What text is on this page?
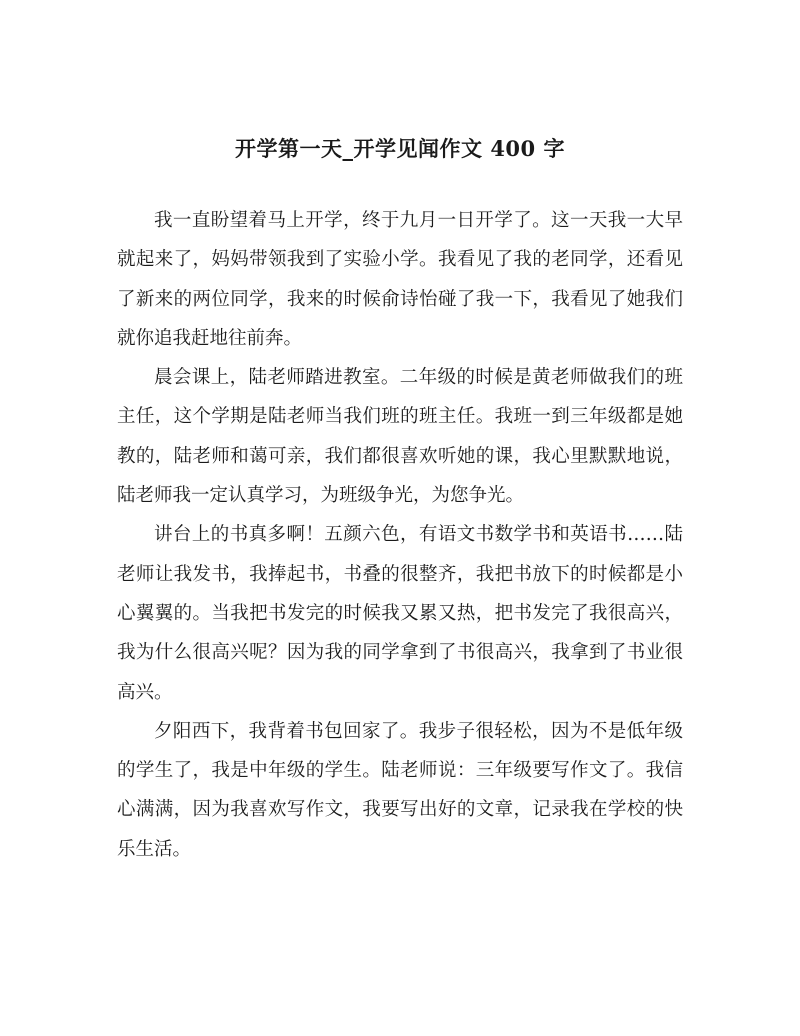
开学第一天_开学见闻作文 400 字

我一直盼望着马上开学，终于九月一日开学了。这一天我一大早就起来了，妈妈带领我到了实验小学。我看见了我的老同学，还看见了新来的两位同学，我来的时候俞诗怡碰了我一下，我看见了她我们就你追我赶地往前奔。

晨会课上，陆老师踏进教室。二年级的时候是黄老师做我们的班主任，这个学期是陆老师当我们班的班主任。我班一到三年级都是她教的，陆老师和蔼可亲，我们都很喜欢听她的课，我心里默默地说，陆老师我一定认真学习，为班级争光，为您争光。

讲台上的书真多啊！五颜六色，有语文书数学书和英语书……陆老师让我发书，我捧起书，书叠的很整齐，我把书放下的时候都是小心翼翼的。当我把书发完的时候我又累又热，把书发完了我很高兴，我为什么很高兴呢？因为我的同学拿到了书很高兴，我拿到了书业很高兴。

夕阳西下，我背着书包回家了。我步子很轻松，因为不是低年级的学生了，我是中年级的学生。陆老师说：三年级要写作文了。我信心满满，因为我喜欢写作文，我要写出好的文章，记录我在学校的快乐生活。
